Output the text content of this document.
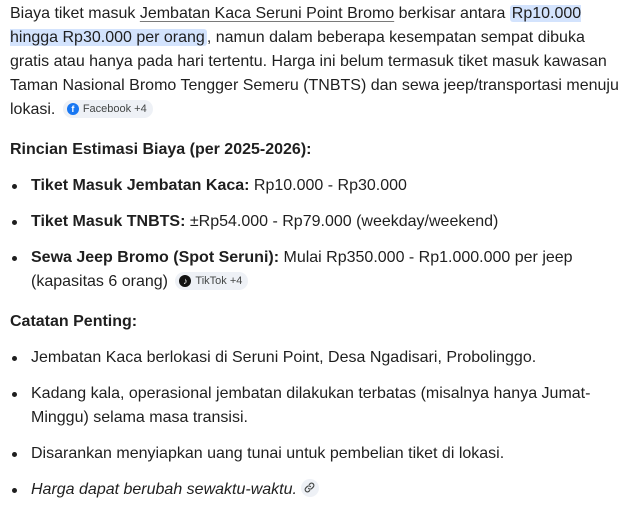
Biaya tiket masuk Jembatan Kaca Seruni Point Bromo berkisar antara Rp10.000 hingga Rp30.000 per orang , namun dalam beberapa kesempatan sempat dibuka gratis atau hanya pada hari tertentu. Harga ini belum termasuk tiket masuk kawasan Taman Nasional Bromo Tengger Semeru (TNBTS) dan sewa jeep/transportasi menuju lokasi.	f Facebook +4

Rincian Estimasi Biaya (per 2025-2026):
Tiket Masuk Jembatan Kaca: Rp10.000 - Rp30.000
Tiket Masuk TNBTS: ±Rp54.000 - Rp79.000 (weekday/weekend)
Sewa Jeep Bromo (Spot Seruni): Mulai Rp350.000 - Rp1.000.000 per jeep (kapasitas 6 orang)	♪ TikTok +4
Catatan Penting:
Jembatan Kaca berlokasi di Seruni Point, Desa Ngadisari, Probolinggo.
Kadang kala, operasional jembatan dilakukan terbatas (misalnya hanya Jumat-Minggu) selama masa transisi.
Disarankan menyiapkan uang tunai untuk pembelian tiket di lokasi.
Harga dapat berubah sewaktu-waktu.
